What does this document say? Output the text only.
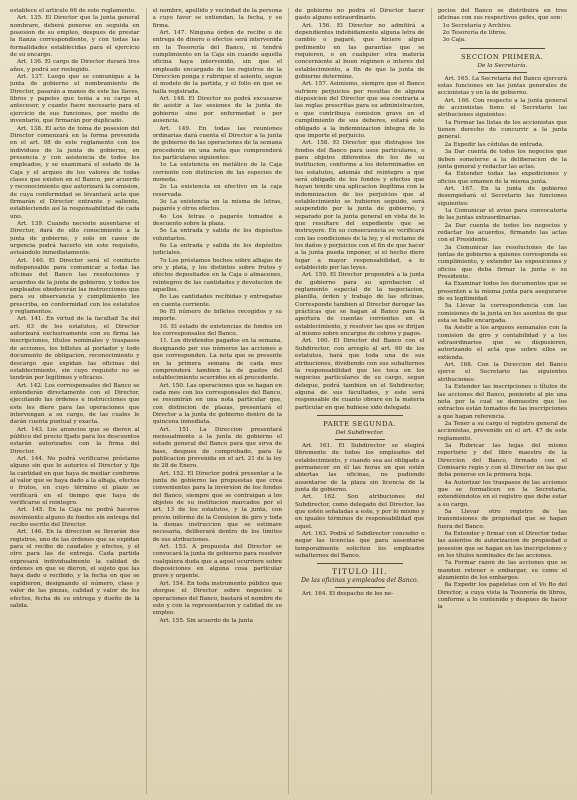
establece el artículo 66 de este reglamento.

Art. 135. El Director que la junta general nombrare, deberá ponerse en seguida en posesion de su empleo, despues de prestar la fianza correspondiente, y con todas las formalidades establecidas para el ejercicio de su encargo.

Art. 136. El cargo de Director durará tres años, y podrá ser reelegido.

Art. 137. Luego que se comunique a la junta de gobierno el nombramiento de Director, pasarán a manos de este las llaves, libros y papeles que tenia a su cargo el antecesor, y cuanto fuere necesario para el ejercicio de sus funciones, por medio de inventario, que firmarán por duplicado.

Art. 138. El acto de toma de posesion del Director comenzará en la forma prevenida en el art. 98 de este reglamento con los individuos de la junta de gobierno, en presencia y con asistencia de todos los empleados, y se examinará el estado de la Caja y el arqueo de los valores de todas clases que existen en el Banco, por acuerdo y reconocimiento que autorizará la comision, de cuya conformidad se levantará acta que firmarán el Director entrante y saliente, estableciendo así la responsabilidad de cada uno.

Art. 139. Cuando necesite ausentarse el Director, dará de ello conocimiento a la junta de gobierno, y solo en casos de urgencia podrá hacerlo sin este requisito, avisándolo inmediatamente.

Art. 140. El Director será el conducto indispensable para comunicar a todas las oficinas del Banco las resoluciones y acuerdos de la junta de gobierno, y todos los empleados obedecerán las instrucciones que para su observancia y cumplimiento les prescriba, en conformidad con los estatutos y reglamentos.

Art. 141. En virtud de la facultad 5a del art. 63 de los estatutos, el Director autorizará exclusivamente con su firma las inscripciones, títulos nominales y traspasos de acciones, los billetes al portador y todo documento de obligacion, reconocimiento y descargo que expidan las oficinas del establecimiento, sin cuyo requisito no se tendrán por legítimos y eficaces.

Art. 142. Los corresponsales del Banco se entenderán directamente con el Director, ejecutando las órdenes e instrucciones que este les diere para las operaciones que intervengan a su cargo, de las cuales le darán cuenta puntual y exacta.

Art. 143. Los anuncios que se dieren al público del precio fijado para los descuentos estarán autorizados con la firma del Director.

Art. 144. No podrá verificarse préstamo alguno sin que lo autorice el Director y fije la cantidad en que haya de mediar conforme al valor que se haya dado a la alhaja, efectos o frutos, en cuyo término el plazo se verificará en el tiempo que haya de verificarse el reintegro.

Art. 145. En la Caja no podrá hacerse movimiento alguno de fondos sin entrega del recibo escrito del Director.

Art. 146. En la direccion se llevarán dos registros, uno de las órdenes que se expidan para el recibo de caudales y efectos, y el otro para las de entrega. Cada partida expresará individualmente la calidad de órdenes en que se dieron, el sujeto que las haya dado o recibido, y la fecha en que se expidieron, designando el número, clase y valor de las piezas, calidad y valor de los efectos, fecha de su entrega y dueño de la salida.

el nombre, apellido y vecindad de la persona a cuyo favor se extiendan, la fecha, y su firma.

Art. 147. Ninguna órden de recibo o de entrega de dinero o efectos será intervenida en la Tesorería del Banco, ni tendrá cumplimiento en la Caja sin cuando aquella oficina haya intervenido, sin que el empleado encargado de los registros de la Direccion ponga y rubrique el asiento, segun el modelo de la partida, y el folio en que se halla registrada.

Art. 148. El Director no podrá excusarse de asistir a las sesiones de la junta de gobierno sino por enfermedad o por ausencia.

Art. 149. En todas las reuniones ordinarias dará cuenta el Director a la junta de gobierno de las operaciones de la semana precedente en una nota que comprenderá los particulares siguientes:

1o La existencia en metálico de la Caja corriente con distincion de las especies de moneda.

2o La existencia en efectivo en la caja reservada.

3o La existencia en la misma de letras, pagarés y otros efectos.

4o Los letras o pagarés tomados a descuento sobre la plaza.

5o La entrada y salida de los depósitos voluntarios.

6o La entrada y salida de los depósitos judiciales.

7o Los préstamos hechos sobre alhajas de oro y plata, y los distintos sobre frutos y efectos depositados en la Caja o almacenes, reintegros de las cantidades y devolucion de aquellos.

8o Las cantidades recibidas y entregadas en cuenta corriente.

9o El número de billetes recogidos y su importe.

10. El estado de existencias de fondos en los corresponsales del Banco.

11. Los dividendos pagados en la semana, designando por sus números las acciones a que corresponden. La nota que se presente en la primera semana de cada mes comprenderá tambien la de gastos del establecimiento ocurridos en el precedente.

Art. 150. Las operaciones que se hagan en cada mes con los corresponsales del Banco, se resumirán en una nota particular que, con distincion de plazas, presentará el Director a la junta de gobierno dentro de la quincena inmediata.

Art. 151. La Direccion presentará mensualmente a la junta de gobierno el estado general del Banco para que sirva de base, despues de comprobado, para la publicacion prevenida en el art. 21 de la ley de 28 de Enero.

Art. 152. El Director podrá presentar a la junta de gobierno las propuestas que crea convenientes para la inversion de los fondos del Banco, siempre que se contraigan a los objetos de su institucion marcados por el art. 13 de los estatutos, y la junta, con previo informe de la Comision de giro y toda la demas instruccion que se estimare necesaria, deliberará dentro de los límites de sus atribuciones.

Art. 153. A propuesta del Director se convocará la junta de gobierno para resolver cualquiera duda que a aquel ocurriere sobre disposiciones en alguna cosa particular grave y urgente.

Art. 154. En toda instrumento público que otorgue el Director sobre negocios u operaciones del Banco, bastará el nombre de este y con la representacion y calidad de su empleo.

Art. 155. Sin acuerdo de la junta

de gobierno no podrá el Director hacer gasto alguno extraordinario.

Art. 156. El Director no admitirá a dependientes indebidamente alguna letra de cambio o pagaré, que hiciere algun pedimento en las garantías que se requieren, o en cualquier otra materia concerniente al buen régimen o interes del establecimiento, a fin de que la junta de gobierno determine.

Art. 157. Asimismo, siempre que el Banco sufriere perjuicios por resultas de alguna disposicion del Director que sea contraria a las reglas prescritas para su administracion, o que contribuya comision grave en el cumplimiento de sus deberes, estará este obligado a la indemnizacion íntegra de lo que importe el perjuicio.

Art. 158. El Director que distrajese los fondos del Banco para usos particulares, o para objetos diferentes de los de su institucion, conforme a los determinados en los estatutos, además del reintegro a que será obligado de los fondos y efectos que hayan tenido una aplicacion ilegítima con la indemnizacion de los perjuicios que al establecimiento se hubieren seguido, será suspendido por la junta de gobierno, y separado por la junta general en vista de lo que resultare del expediente que se instruyere. En su consecuencia se verificará con las condiciones de la ley, y el reclamo de los daños y perjuicios con el fin de que hacer a la junta pueda imponer, si el hecho diere lugar a mayor responsabilidad, a lo establecido por las leyes.

Art. 159. El Director propondrá a la junta de gobierno para su aprobacion el reglamento especial de la negociacion, planilla, órden y trabajo de las oficinas. Corresponde tambien al Director derogar las prácticas que se hagan al Banco para la apertura de cuentas corrientes en el establecimiento, y resolver las que se dirijan al mismo sobre encargos de cobros y pagos.

Art. 160. El Director del Banco con el Subdirector, con arreglo al art. 60 de los estatutos, hará que toda una de sus atribuciones, dividiendo con sus subalternos la responsabilidad que les toca en los negocios particulares de su cargo, segun delegue, podrá tambien en el Subdirector, alguna de sus facultades, y este será responsable de cuanto obrare en la materia particular en que hubiese sido delegado.

PARTE SEGUNDA.
Del Subdirector.

Art. 161. El Subdirector se elegirá libremente de todos los empleados del establecimiento, y cuando sea así obligado a permanecer en él las horas en que estén abiertas las oficinas, no pudiendo ausentarse de la plaza sin licencia de la junta de gobierno.

Art. 162. Son atribuciones del Subdirector, como delegado del Director, las que estén señaladas a este, y por lo mismo y en iguales términos de responsabilidad que aquel.

Art. 163. Podrá el Subdirector conceder o negar las licencias que para ausentarse temporalmente soliciten los empleados subalternos del Banco.

TITULO III.
De las oficinas y empleados del Banco.

Art. 164. El despacho de los ne-

gocios del Banco se distribuirá en tres oficinas con sus respectivos gefes, que son:

1o Secretaría y Archivo.

2o Tesorería de libros.

3o Caja.

SECCION PRIMERA.
De la Secretaría.

Art. 165. La Secretaría del Banco ejercerá estas funciones en las juntas generales de accionistas y en la de gobierno.

Art. 166. Con respecto a la junta general de accionistas tiene el Secretario las atribuciones siguientes:

1a Formar las listas de los accionistas que tienen derecho de concurrir a la junta general.

2a Expedir las cédulas de entrada.

3a Dar cuenta de todos los negocios que deben someterse a la deliberacion de la junta general y redactar las actas.

4a Extender todas las expediciones y oficios que emanen de la misma junta.

Art. 167. En la junta de gobierno desempeñará el Secretario las funciones siguientes:

1a Comunicar el aviso para convocatoria de las juntas extraordinarias.

2a Dar cuenta de todos los negocios y redactar los acuerdos, firmando las actas con el Presidente.

3a Comunicar las resoluciones de las juntas de gobierno a quienes corresponda su cumplimiento, y extender las exposiciones y oficios que deba firmar la junta o su Presidente.

4a Examinar todos los documentos que se presenten a la misma junta para asegurarse de su legitimidad.

5a Llevar la correspondencia con las comisiones de la junta en los asuntos de que esta se halle encargada.

6a Asistir a los arqueos semanales con la comision de giro y contabilidad y a los extraordinarios que se dispusieren, autorizando el acta que sobre ellos se extienda.

Art. 168. Con la Direccion del Banco ejerce el Secretario las siguientes atribuciones:

1a Extender las inscripciones o títulos de las acciones del Banco, poniendo al pie una nota por la cual se demuestre que los extractos están tomados de las inscripciones a que hagan referencia.

2a Tener a su cargo el registro general de accionistas, prevenido en el art. 47 de este reglamento.

3a Rubricar las hojas del mismo repertorio y del libro maestro de la Direccion del Banco, firmado con el Comisario regio y con el Director en las que deba ponerse en la primera hoja.

4a Autorizar los traspasos de las acciones que se formalicen en la Secretaría, extendiéndolos en el registro que debe estar a su cargo.

5a Llevar otro registro de las transmisiones de propiedad que se hagan fuera del Banco.

6a Extender y firmar con el Director todas las asientos de autorizacion de propiedad o posesion que se hagan en las inscripciones y en los títulos nominales de las acciones.

7a Formar razon de las acciones que se manden retener o embargar, su como el alzamiento de los embargos.

8a Expedir los papeletas con el Vo Bo del Director, a cuya vista la Tesorería de libros, conforme a lo contenido y despues de hacer la
